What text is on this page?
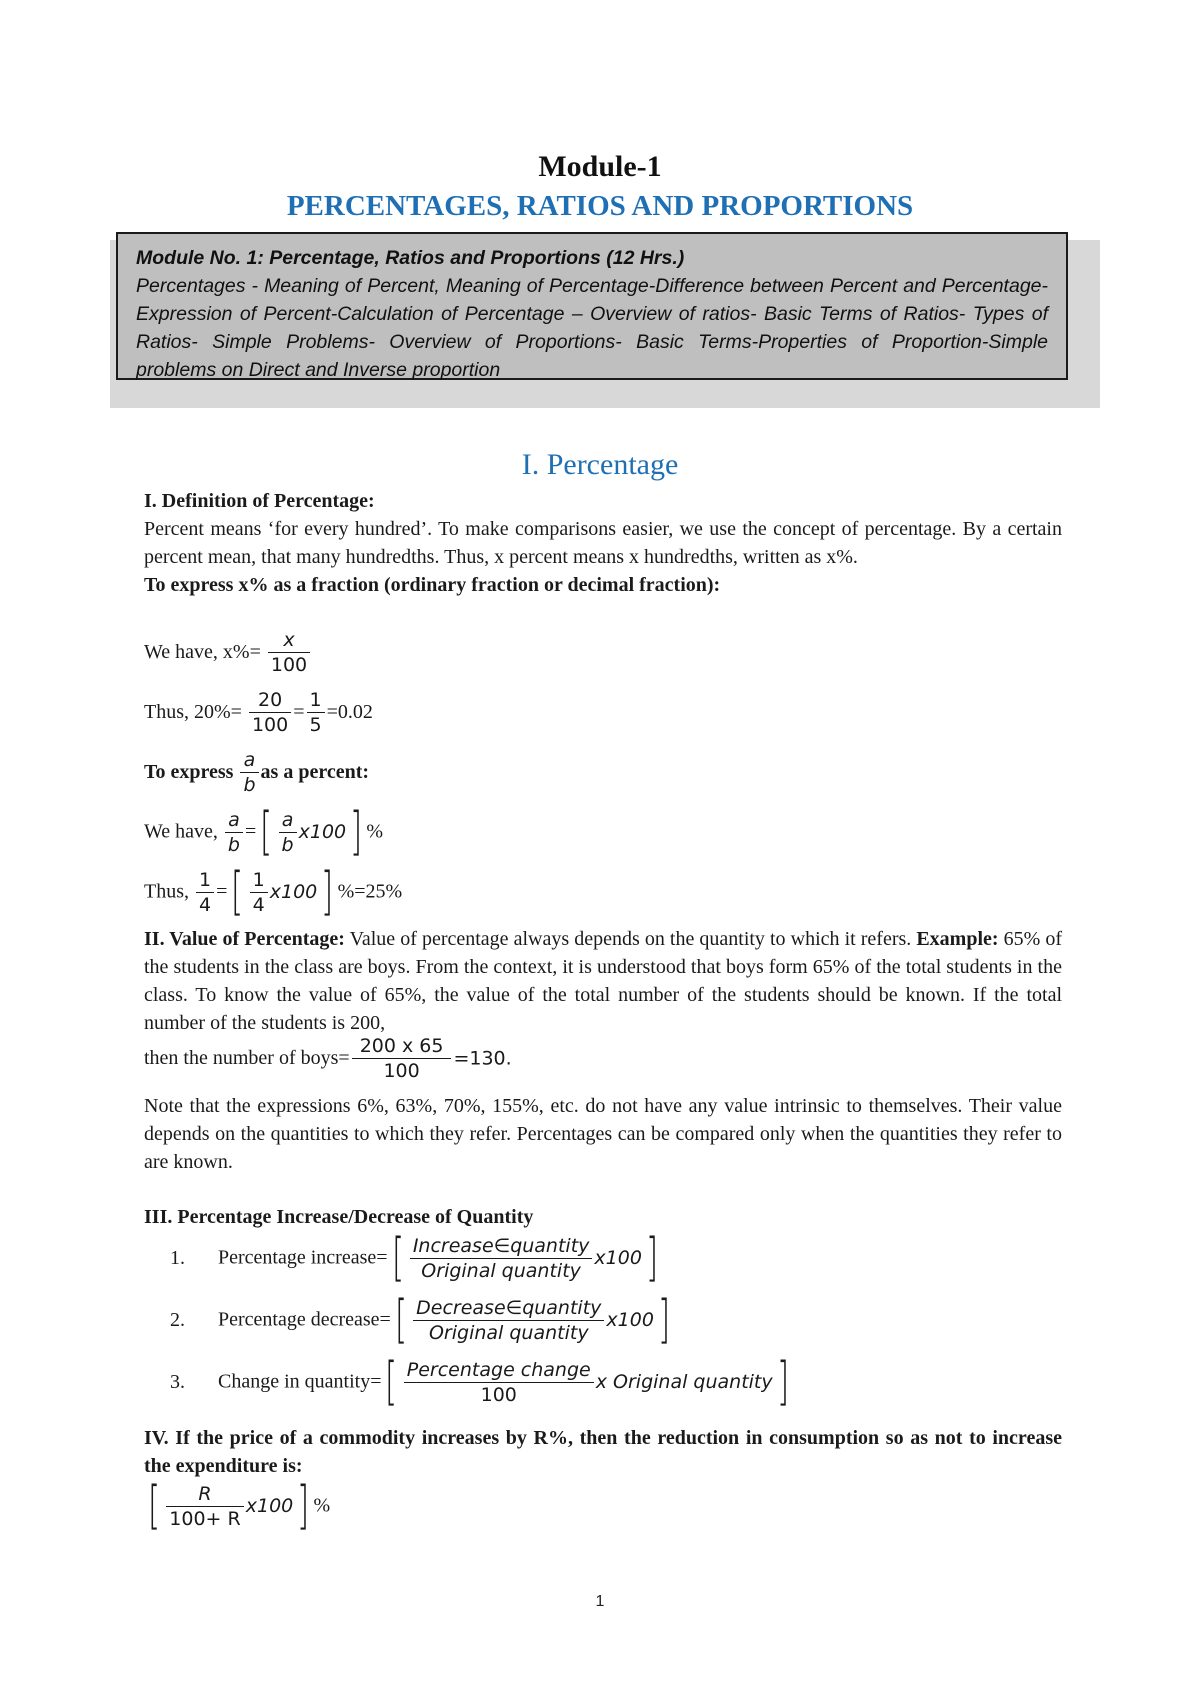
Module-1
PERCENTAGES, RATIOS AND PROPORTIONS
Module No. 1: Percentage, Ratios and Proportions (12 Hrs.)
Percentages - Meaning of Percent, Meaning of Percentage-Difference between Percent and Percentage-Expression of Percent-Calculation of Percentage – Overview of ratios- Basic Terms of Ratios- Types of Ratios- Simple Problems- Overview of Proportions- Basic Terms-Properties of Proportion-Simple problems on Direct and Inverse proportion
I. Percentage
I. Definition of Percentage:
Percent means ‘for every hundred’. To make comparisons easier, we use the concept of percentage. By a certain percent mean, that many hundredths. Thus, x percent means x hundredths, written as x%.
To express x% as a fraction (ordinary fraction or decimal fraction):
We have, $x\%= \frac{x}{100}$
Thus, $20\%= \frac{20}{100} = \frac{1}{5} =0.02$
To express $\frac{a}{b}$ as a percent:
We have, $\frac{a}{b}$ =[ $\frac{a}{b} x100$] %
Thus, $\frac{1}{4}$ =[ $\frac{1}{4} x100$] %=25%
II. Value of Percentage: Value of percentage always depends on the quantity to which it refers. Example: 65% of the students in the class are boys. From the context, it is understood that boys form 65% of the total students in the class. To know the value of 65%, the value of the total number of the students should be known. If the total number of the students is 200,
then the number of boys= $\frac{200 x 65}{100} =130$.
Note that the expressions 6%, 63%, 70%, 155%, etc. do not have any value intrinsic to themselves. Their value depends on the quantities to which they refer. Percentages can be compared only when the quantities they refer to are known.
III. Percentage Increase/Decrease of Quantity
1. Percentage increase=[ $\frac{\text{Increase∈quantity}}{\text{Original quantity}} x100$]
2. Percentage decrease=[ $\frac{\text{Decrease∈quantity}}{\text{Original quantity}} x100$]
3. Change in quantity=[ $\frac{\text{Percentage change}}{100}$ x Original quantity]
IV. If the price of a commodity increases by R%, then the reduction in consumption so as not to increase the expenditure is:
[ $\frac{R}{100+ R} x100$] %
1
